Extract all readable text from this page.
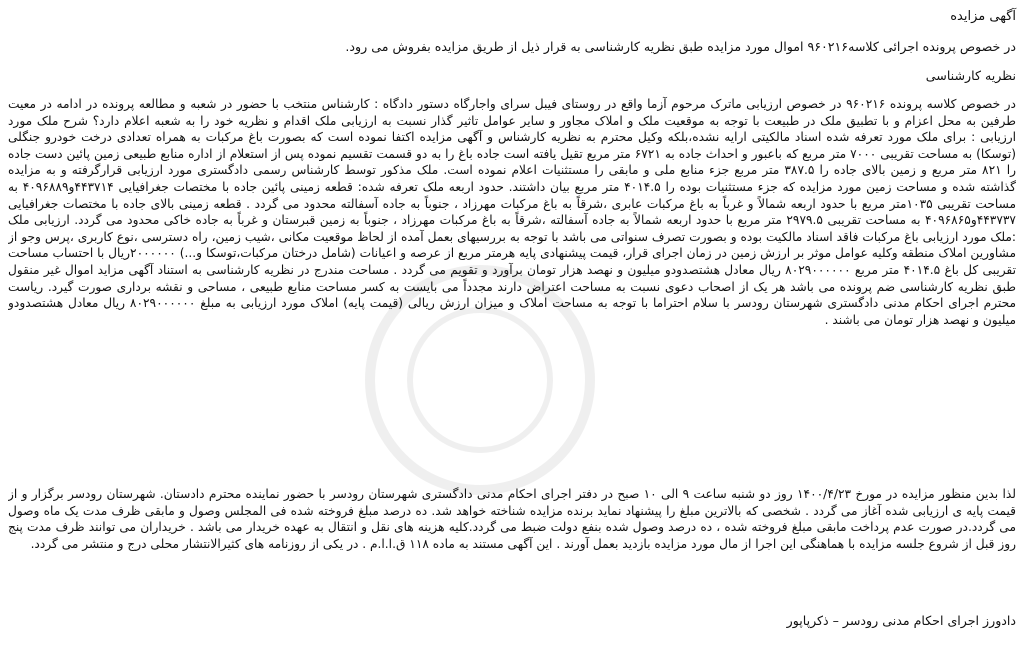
آگهی مزایده
در خصوص پرونده اجرائی کلاسه۹۶۰۲۱۶ اموال مورد مزایده طبق نظریه کارشناسی به قرار ذیل از طریق مزایده بفروش می رود.
نظریه کارشناسی
در خصوص کلاسه پرونده ۹۶۰۲۱۶ در خصوص ارزیابی ماترک مرحوم آزما واقع در روستای فیبل سرای واجارگاه دستور دادگاه : کارشناس منتخب با حضور در شعبه و مطالعه پرونده در ادامه در معیت طرفین به محل اعزام و با تطبیق ملک در طبیعت با توجه به موقعیت ملک و املاک مجاور و سایر عوامل تاثیر گذار نسبت به ارزیابی ملک اقدام و نظریه خود را به شعبه اعلام دارد؟ شرح ملک مورد ارزیابی : برای ملک مورد تعرفه شده اسناد مالکیتی ارایه نشده،بلکه وکیل محترم به نظریه کارشناس و آگهی مزایده اکتفا نموده است که بصورت باغ مرکبات به همراه تعدادی درخت خودرو جنگلی (توسکا) به مساحت تقریبی ۷۰۰۰ متر مربع که باعبور و احداث جاده به ۶۷۲۱ متر مربع تقیل یافته است جاده باغ را به دو قسمت تقسیم نموده پس از استعلام از اداره منابع طبیعی زمین پائین دست جاده را ۸۲۱ متر مربع و زمین بالای جاده را ۳۸۷.۵ متر مربع جزء منابع ملی و مابقی را مستثنیات اعلام نموده است. ملک مذکور توسط کارشناس رسمی دادگستری مورد ارزیابی قرارگرفته و به مزایده گذاشته شده و مساحت زمین مورد مزایده که جزء مستثنیات بوده را ۴۰۱۴.۵ متر مربع بیان داشتند. حدود اربعه ملک تعرفه شده: قطعه زمینی پائین جاده با مختصات جغرافیایی ۴۴۳۷۱۴و۴۰۹۶۸۸۹ به مساحت تقریبی ۱۰۳۵متر مربع با حدود اربعه شمالاً و غرباً به باغ مرکبات عابری ،شرقاً به باغ مرکبات مهرزاد ، جنوباً به جاده آسفالته محدود می گردد . قطعه زمینی بالای جاده با مختصات جغرافیایی ۴۴۳۷۳۷و۴۰۹۶۸۶۵ به مساحت تقریبی ۲۹۷۹.۵ متر مربع با حدود اربعه شمالاً به جاده آسفالته ،شرقاً به باغ مرکبات مهرزاد ، جنوباً به زمین قبرستان و غرباً به جاده خاکی محدود می گردد. ارزیابی ملک :ملک مورد ارزیابی باغ مرکبات فاقد اسناد مالکیت بوده و بصورت تصرف سنواتی می باشد با توجه به بررسیهای بعمل آمده از لحاظ موقعیت مکانی ،شیب زمین، راه دسترسی ،نوع کاربری ،پرس وجو از مشاورین املاک منطقه وکلیه عوامل موثر بر ارزش زمین در زمان اجرای قرار، قیمت پیشنهادی پایه هرمتر مربع از عرصه و اعیانات (شامل درختان مرکبات،توسکا و...) ۲۰۰۰۰۰۰ریال با احتساب مساحت تقریبی کل باغ ۴۰۱۴.۵ متر مربع ۸۰۲۹۰۰۰۰۰۰ ریال معادل هشتصدودو میلیون و نهصد هزار تومان برآورد و تقویم می گردد . مساحت مندرج در نظریه کارشناسی به استناد آگهی مزاید اموال غیر منقول طبق نظریه کارشناسی ضم پرونده می باشد هر یک از اصحاب دعوی نسبت به مساحت اعتراض دارند مجدداً می بایست به کسر مساحت منابع طبیعی ، مساحی و نقشه برداری صورت گیرد. ریاست محترم اجرای احکام مدنی دادگستری شهرستان رودسر با سلام احتراما با توجه به مساحت املاک و میزان ارزش ریالی (قیمت پایه) املاک مورد ارزیابی به مبلغ ۸۰۲۹۰۰۰۰۰۰ ریال معادل هشتصدودو میلیون و نهصد هزار تومان می باشند .
لذا بدین منظور مزایده در مورخ ۱۴۰۰/۴/۲۳ روز دو شنبه ساعت ۹ الی ۱۰ صبح در دفتر اجرای احکام مدنی دادگستری شهرستان رودسر با حضور نماینده محترم دادستان. شهرستان رودسر برگزار و از قیمت پایه ی ارزیابی شده آغاز می گردد . شخصی که بالاترین مبلغ را پیشنهاد نماید برنده مزایده شناخته خواهد شد. ده درصد مبلغ فروخته شده فی المجلس وصول و مابقی ظرف مدت یک ماه وصول می گردد.در صورت عدم پرداخت مابقی مبلغ فروخته شده ، ده درصد وصول شده بنفع دولت ضبط می گردد.کلیه هزینه های نقل و انتقال به عهده خریدار می باشد . خریداران می توانند ظرف مدت پنج روز قبل از شروع جلسه مزایده با هماهنگی این اجرا از مال مورد مزایده بازدید بعمل آورند . این آگهی مستند به ماده ۱۱۸ ق.ا.ا.م . در یکی از روزنامه های کثیرالانتشار محلی درج و منتشر می گردد.
دادورز اجرای احکام مدنی رودسر – ذکرپاپور
